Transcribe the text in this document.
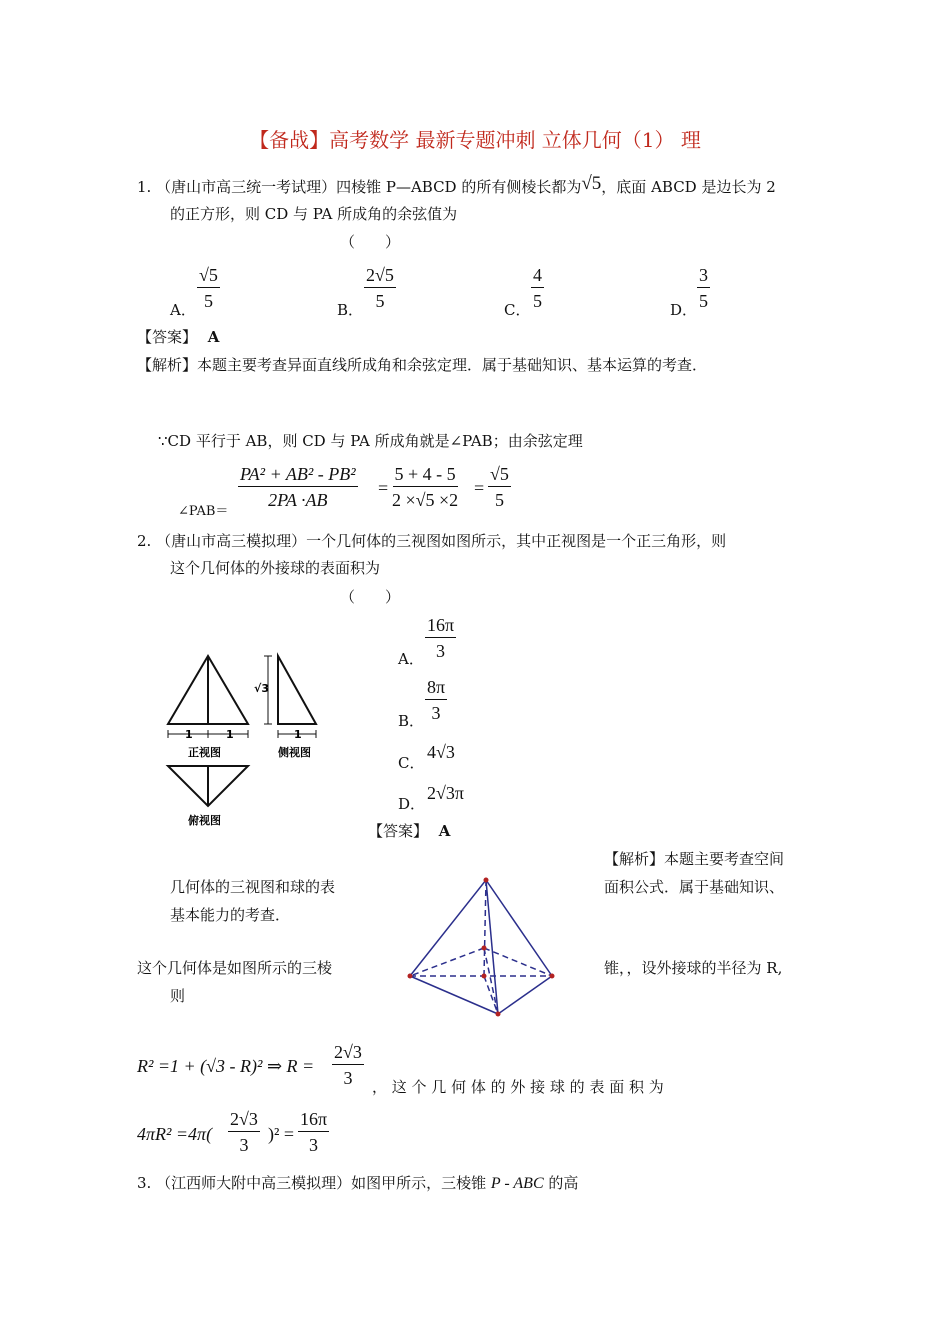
【备战】高考数学 最新专题冲刺 立体几何（1） 理
1. （唐山市高三统一考试理）四棱锥 P—ABCD 的所有侧棱长都为√5，底面 ABCD 是边长为 2
的正方形，则 CD 与 PA 所成角的余弦值为
（　　）
A． $\frac{√5}{5}$	B． $\frac{2√5}{5}$	C． $\frac{4}{5}$	D． $\frac{3}{5}$
【答案】 A
【解析】本题主要考查异面直线所成角和余弦定理．属于基础知识、基本运算的考查．
∵CD 平行于 AB，则 CD 与 PA 所成角就是∠PAB；由余弦定理
∠PAB＝
$\frac{\text{PA² + AB² - PB²}}{2PA \cdot AB} = \frac{5 + 4 - 5}{2 \times√5 \times 2} = \frac{√5}{5}$
2. （唐山市高三模拟理）一个几何体的三视图如图所示，其中正视图是一个正三角形，则
这个几何体的外接球的表面积为
（　　）
A． $\frac{16\pi}{3}$
B． $\frac{8\pi}{3}$
C．
4√3
D．
2√3π
1	1
正视图
√3
1
侧视图
俯视图
【答案】 A
【解析】本题主要考查空间
几何体的三视图和球的表	面积公式．属于基础知识、
基本能力的考查．
这个几何体是如图所示的三棱	锥，，设外接球的半径为 R,
则
R² =1 + (√3 - R)² ⇒ $R = \frac{2√3}{3}$ ， 这 个 几 何 体 的 外 接 球 的 表 面 积 为
$4\pi R^2 =4\pi( \frac{2√3}{3} )^2 = \frac{16\pi}{3}$
3. （江西师大附中高三模拟理）如图甲所示，三棱锥 P - ABC 的高
